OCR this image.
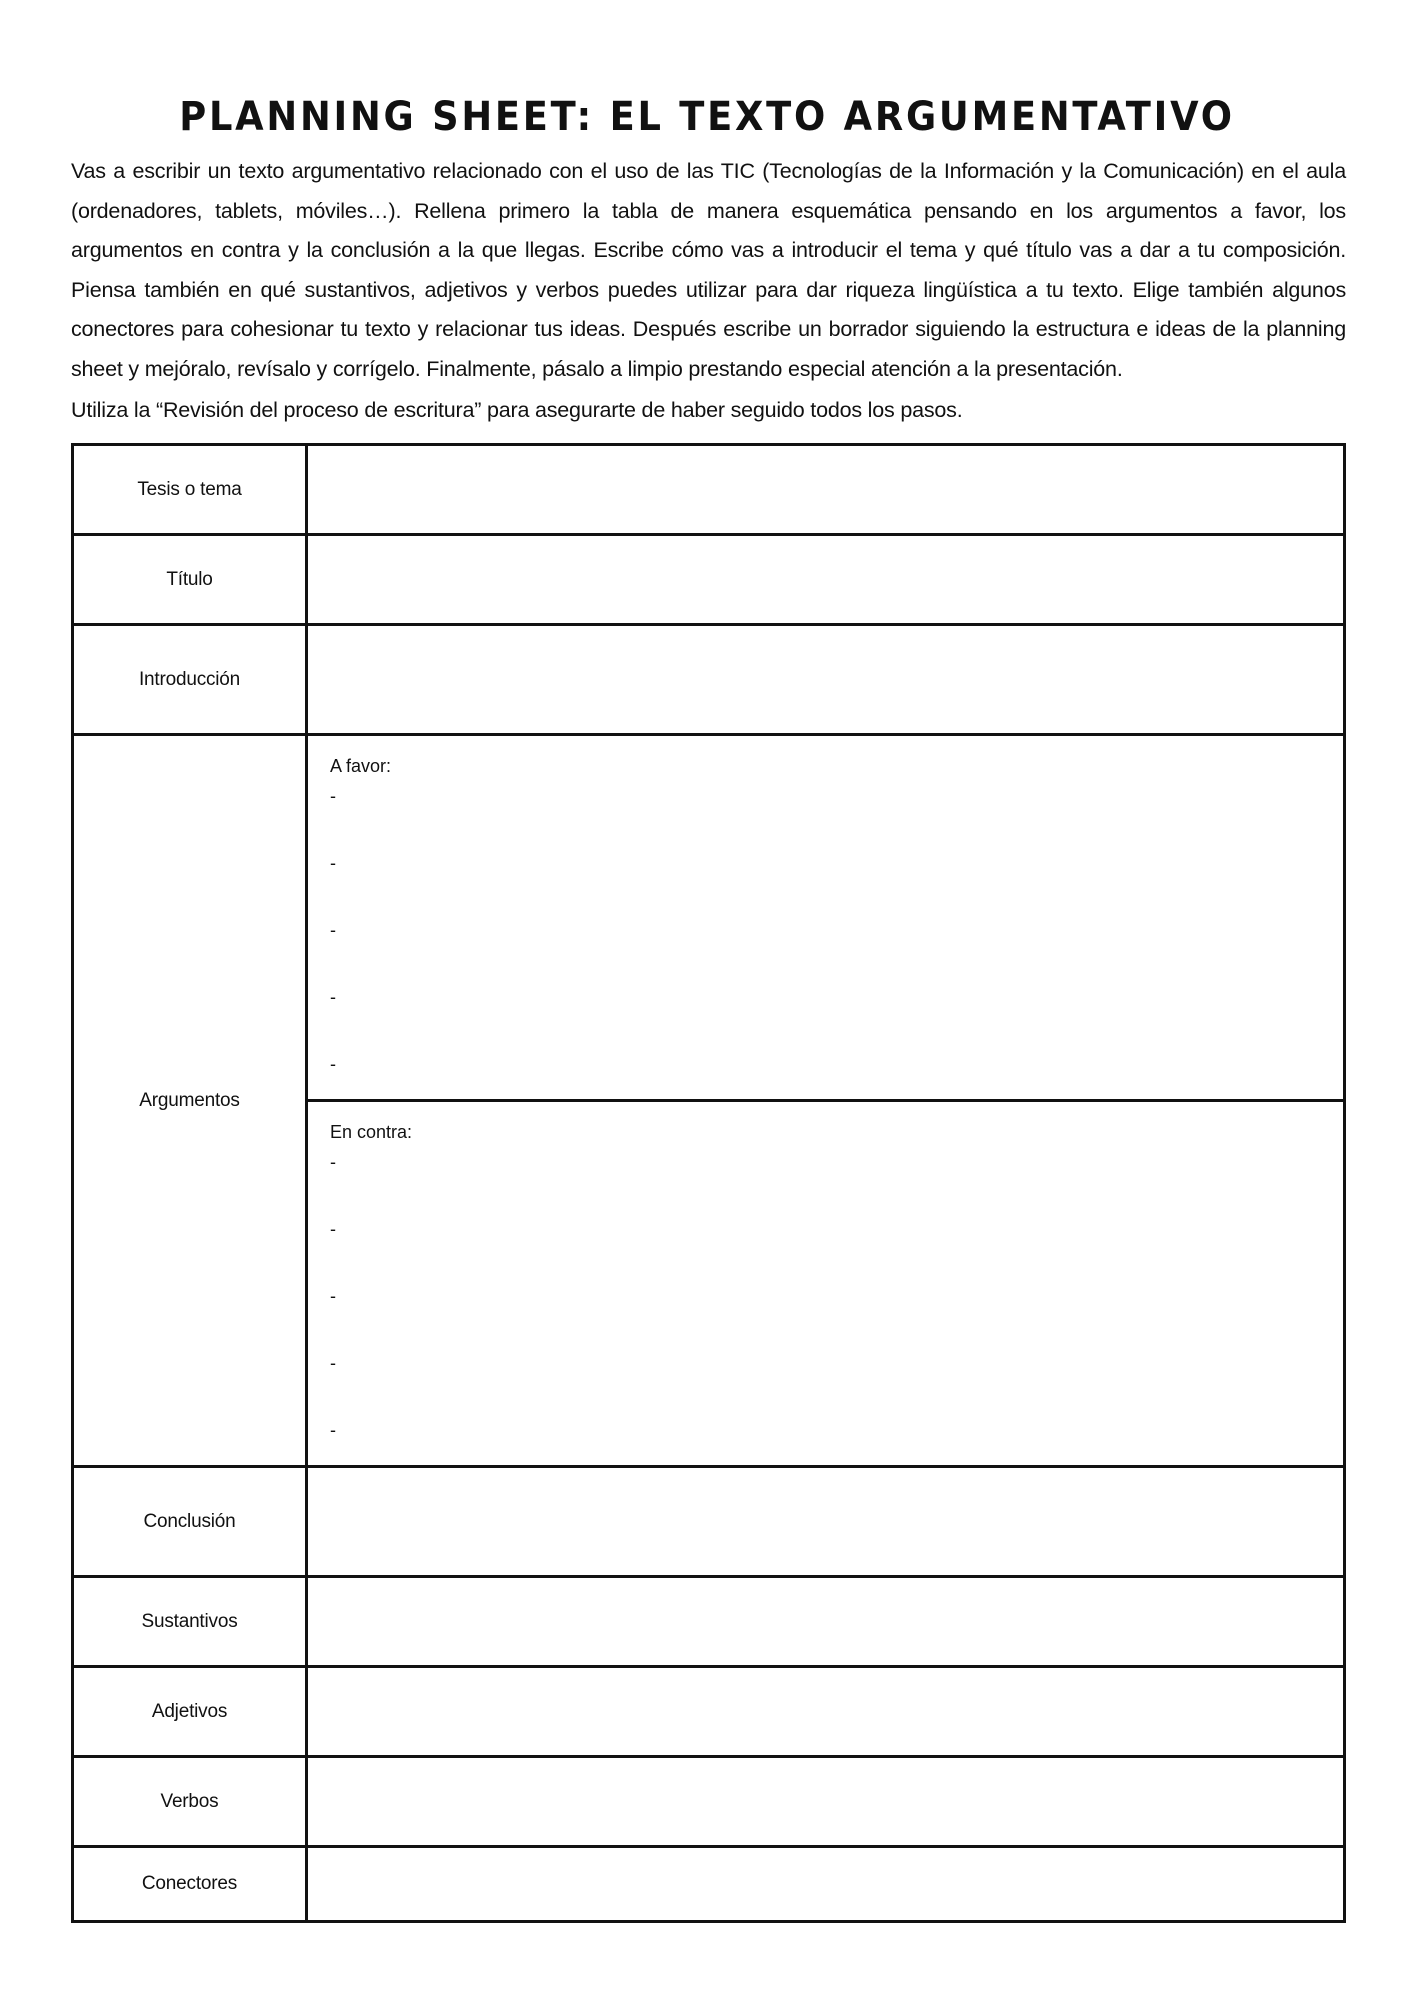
PLANNING SHEET: EL TEXTO ARGUMENTATIVO

Vas a escribir un texto argumentativo relacionado con el uso de las TIC (Tecnologías de la Información y la Comunicación) en el aula (ordenadores, tablets, móviles…). Rellena primero la tabla de manera esquemática pensando en los argumentos a favor, los argumentos en contra y la conclusión a la que llegas. Escribe cómo vas a introducir el tema y qué título vas a dar a tu composición. Piensa también en qué sustantivos, adjetivos y verbos puedes utilizar para dar riqueza lingüística a tu texto. Elige también algunos conectores para cohesionar tu texto y relacionar tus ideas. Después escribe un borrador siguiendo la estructura e ideas de la planning sheet y mejóralo, revísalo y corrígelo. Finalmente, pásalo a limpio prestando especial atención a la presentación.

Utiliza la “Revisión del proceso de escritura” para asegurarte de haber seguido todos los pasos.
Tesis o tema
Título
Introducción
Argumentos
A favor:
-
-
-
-
-
En contra:
-
-
-
-
-
Conclusión
Sustantivos
Adjetivos
Verbos
Conectores
